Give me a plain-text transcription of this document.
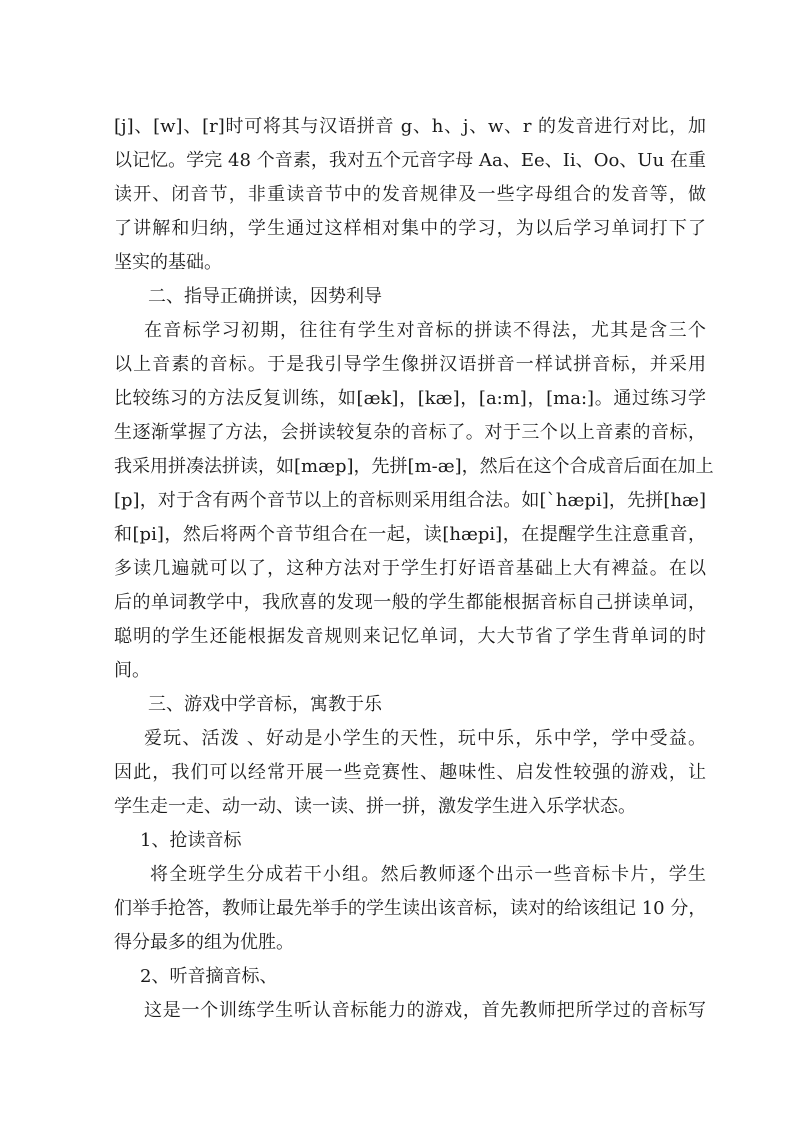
[j]、[w]、[r]时可将其与汉语拼音 g、h、j、w、r 的发音进行对比，加
以记忆。学完 48 个音素，我对五个元音字母 Aa、Ee、Ii、Oo、Uu 在重
读开、闭音节，非重读音节中的发音规律及一些字母组合的发音等，做
了讲解和归纳，学生通过这样相对集中的学习，为以后学习单词打下了
坚实的基础。
二、指导正确拼读，因势利导
在音标学习初期，往往有学生对音标的拼读不得法，尤其是含三个
以上音素的音标。于是我引导学生像拼汉语拼音一样试拼音标，并采用
比较练习的方法反复训练，如[æk]，[kæ]，[a:m]，[ma:]。通过练习学
生逐渐掌握了方法，会拼读较复杂的音标了。对于三个以上音素的音标，
我采用拼凑法拼读，如[mæp]，先拼[m-æ]，然后在这个合成音后面在加上
[p]，对于含有两个音节以上的音标则采用组合法。如[ˋhæpi]，先拼[hæ]
和[pi]，然后将两个音节组合在一起，读[hæpi]，在提醒学生注意重音，
多读几遍就可以了，这种方法对于学生打好语音基础上大有裨益。在以
后的单词教学中，我欣喜的发现一般的学生都能根据音标自己拼读单词，
聪明的学生还能根据发音规则来记忆单词，大大节省了学生背单词的时
间。
三、游戏中学音标，寓教于乐
爱玩、活泼 、好动是小学生的天性，玩中乐，乐中学，学中受益。
因此，我们可以经常开展一些竞赛性、趣味性、启发性较强的游戏，让
学生走一走、动一动、读一读、拼一拼，激发学生进入乐学状态。
1、抢读音标
将全班学生分成若干小组。然后教师逐个出示一些音标卡片，学生
们举手抢答，教师让最先举手的学生读出该音标，读对的给该组记 10 分，
得分最多的组为优胜。
2、听音摘音标、
这是一个训练学生听认音标能力的游戏，首先教师把所学过的音标写
